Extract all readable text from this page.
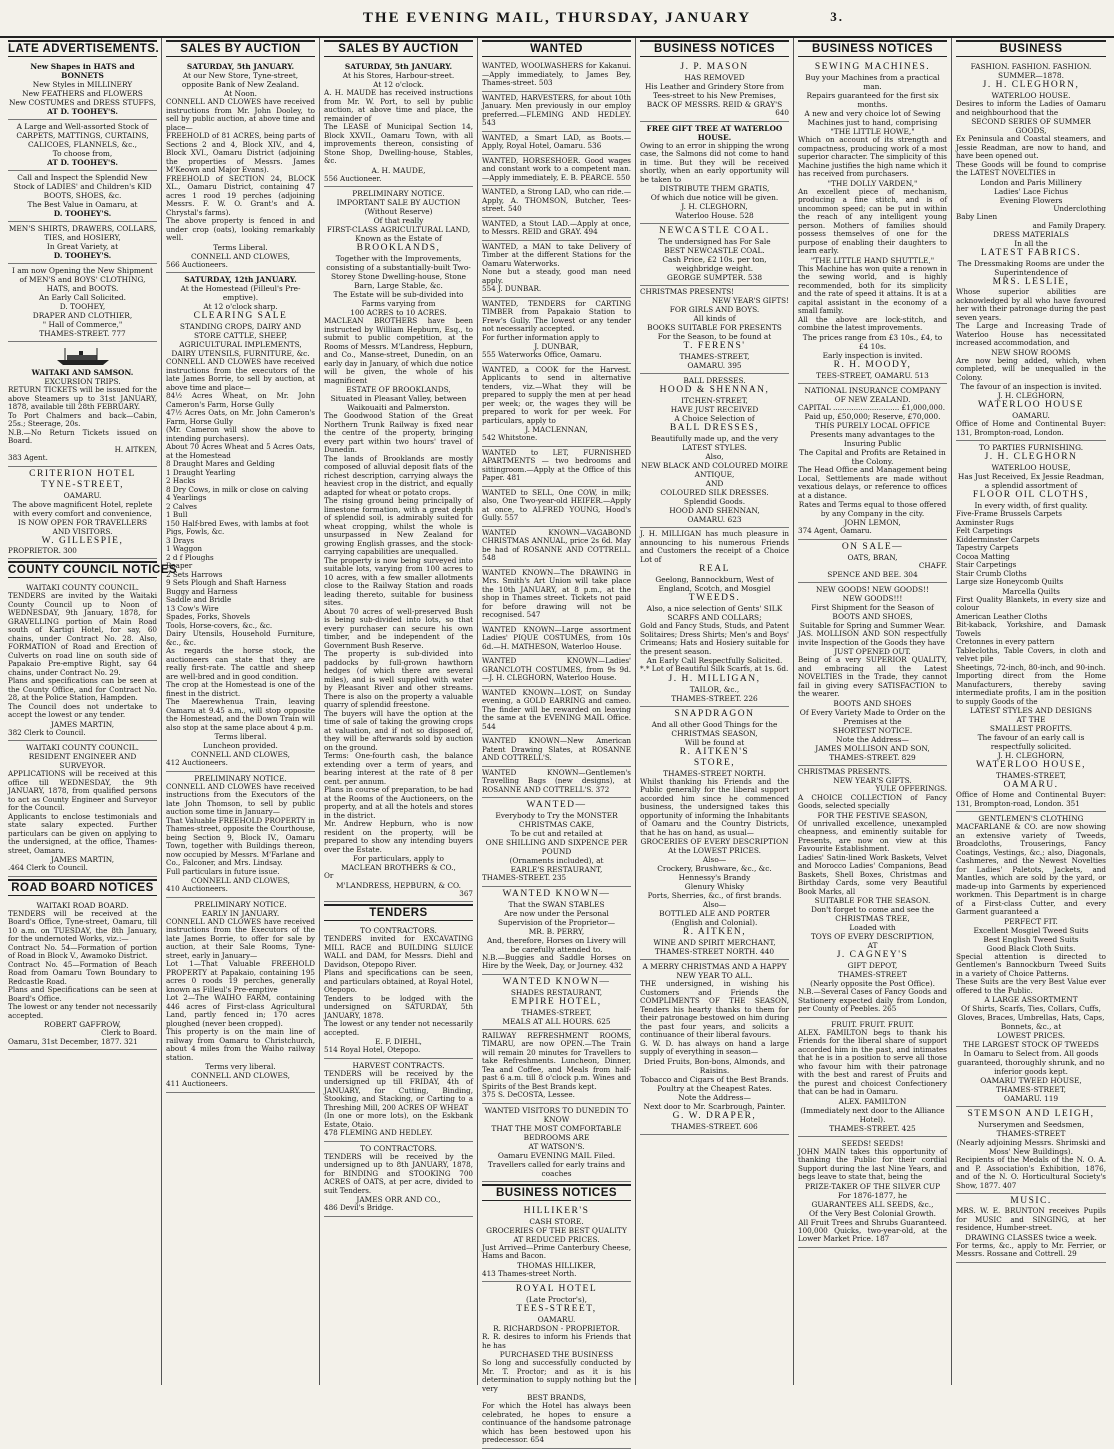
THE EVENING MAIL, THURSDAY, JANUARY	3.
LATE ADVERTISEMENTS.

New Shapes in HATS and BONNETS

New Styles in MILLINERY

New FEATHERS and FLOWERS

New COSTUMES and DRESS STUFFS,

AT D. TOOHEY'S.

A Large and Well-assorted Stock of CARPETS, MATTINGS, CURTAINS, CALICOES, FLANNELS, &c.,

To choose from,

AT D. TOOHEY'S.

Call and Inspect the Splendid New Stock of LADIES' and Children's KID BOOTS, SHOES, &c.

The Best Value in Oamaru, at

D. TOOHEY'S.

MEN'S SHIRTS, DRAWERS, COLLARS, TIES, and HOSIERY,

In Great Variety, at

D. TOOHEY'S.

I am now Opening the New Shipment of MEN'S and BOYS' CLOTHING, HATS, and BOOTS.

An Early Call Solicited.

D. TOOHEY,

DRAPER AND CLOTHIER,

" Hall of Commerce,"

THAMES-STREET. 777

WAITAKI AND SAMSON.

EXCURSION TRIPS.

RETURN TICKETS will be issued for the above Steamers up to 31st JANUARY, 1878, available till 28th FEBRUARY.

To Port Chalmers and back—Cabin, 25s.; Steerage, 20s.

N.B.—No Return Tickets issued on Board.

H. AITKEN,

383 Agent.

CRITERION HOTEL

TYNE-STREET,

OAMARU.

The above magnificent Hotel, replete with every comfort and convenience,

IS NOW OPEN FOR TRAVELLERS AND VISITORS.

W. GILLESPIE,

PROPRIETOR. 300

COUNTY COUNCIL NOTICES

WAITAKI COUNTY COUNCIL.

TENDERS are invited by the Waitaki County Council up to Noon of WEDNESDAY, 9th January, 1878, for GRAVELLING portion of Main Road south of Kartigi Hotel, for say, 60 chains, under Contract No. 28. Also, FORMATION of Road and Erection of Culverts on road line on south side of Papakaio Pre-emptive Right, say 64 chains, under Contract No. 29.

Plans and specifications can be seen at the County Office, and for Contract No. 28, at the Police Station, Hampden.

The Council does not undertake to accept the lowest or any tender.

JAMES MARTIN,

382 Clerk to Council.

WAITAKI COUNTY COUNCIL.

RESIDENT ENGINEER AND SURVEYOR.

APPLICATIONS will be received at this office till WEDNESDAY, the 9th JANUARY, 1878, from qualified persons to act as County Engineer and Surveyor for the Council.

Applicants to enclose testimonials and state salary expected. Further particulars can be given on applying to the undersigned, at the office, Thames-street, Oamaru.

JAMES MARTIN,

.464 Clerk to Council.

ROAD BOARD NOTICES

WAITAKI ROAD BOARD.

TENDERS will be received at the Board's Office, Tyne-street, Oamaru, till 10 a.m. on TUESDAY, the 8th January, for the undernoted Works, viz.:—

Contract No. 54—Formation of portion of Road in Block V., Awamoko District.

Contract No. 45—Formation of Beach Road from Oamaru Town Boundary to Redcastle Road.

Plans and Specifications can be seen at Board's Office.

The lowest or any tender not necessarily accepted.

ROBERT GAFFROW,

Clerk to Board.

Oamaru, 31st December, 1877. 321

SALES BY AUCTION

SATURDAY, 5th JANUARY.

At our New Store, Tyne-street, opposite Bank of New Zealand.

At Noon.

CONNELL AND CLOWES have received instructions from Mr. John Dooley, to sell by public auction, at above time and place—

FREEHOLD of 81 ACRES, being parts of Sections 2 and 4, Block XIV., and 4, Block XVI., Oamaru District (adjoining the properties of Messrs. James M'Keown and Major Evans).

FREEHOLD of SECTION 24, BLOCK XL., Oamaru District, containing 47 acres 1 rood 19 perches (adjoining Messrs. F. W. O. Grant's and A. Chrystal's farms).

The above property is fenced in and under crop (oats), looking remarkably well.

Terms Liberal.

CONNELL AND CLOWES,

566 Auctioneers.

SATURDAY, 12th JANUARY.

At the Homestead (Filleul's Pre-emptive).

At 12 o'clock sharp.

CLEARING SALE

STANDING CROPS, DAIRY AND STORE CATTLE, SHEEP, AGRICULTURAL IMPLEMENTS, DAIRY UTENSILS, FURNITURE, &c.

CONNELL AND CLOWES have received instructions from the executors of the late James Borrie, to sell by auction, at above time and place—

84½ Acres Wheat, on Mr. John Cameron's Farm, Horse Gully

47½ Acres Oats, on Mr. John Cameron's Farm, Horse Gully

(Mr. Cameron will show the above to intending purchasers).

About 70 Acres Wheat and 5 Acres Oats, at the Homestead

8 Draught Mares and Gelding

1 Draught Yearling

2 Hacks

8 Dry Cows, in milk or close on calving

4 Yearlings

2 Calves

1 Bull

150 Half-bred Ewes, with lambs at foot

Pigs, Fowls, &c.

3 Drays

1 Waggon

2 d f Ploughs

Reaper

2 Sets Harrows

9 Sets Plough and Shaft Harness

Buggy and Harness

Saddle and Bridle

13 Cow's Wire

Spades, Forks, Shovels

Tools, Horse-covers, &c., &c.

Dairy Utensils, Household Furniture, &c., &c.

As regards the horse stock, the auctioneers can state that they are really first-rate. The cattle and sheep are well-bred and in good condition.

The crop at the Homestead is one of the finest in the district.

The Maerewhenua Train, leaving Oamaru at 9.45 a.m., will stop opposite the Homestead, and the Down Train will also stop at the same place about 4 p.m.

Terms liberal.

Luncheon provided.

CONNELL AND CLOWES,

412 Auctioneers.

PRELIMINARY NOTICE.

CONNELL AND CLOWES have received instructions from the Executors of the late John Thomson, to sell by public auction some time in January—

That Valuable FREEHOLD PROPERTY in Thames-street, opposite the Courthouse, being Section 9, Block IV., Oamaru Town, together with Buildings thereon, now occupied by Messrs. M'Farlane and Co., Falconer, and Mrs. Lindsay.

Full particulars in future issue.

CONNELL AND CLOWES,

410 Auctioneers.

PRELIMINARY NOTICE.

EARLY IN JANUARY.

CONNELL AND CLOWES have received instructions from the Executors of the late James Borrie, to offer for sale by auction, at their Sale Rooms, Tyne-street, early in January—

Lot 1—That Valuable FREEHOLD PROPERTY at Papakaio, containing 195 acres 0 roods 19 perches, generally known as Filleul's Pre-emptive

Lot 2—The WAIHO FARM, containing 446 acres of First-class Agricultural Land, partly fenced in; 170 acres ploughed (never been cropped).

This property is on the main line of railway from Oamaru to Christchurch, about 4 miles from the Waiho railway station.

Terms very liberal.

CONNELL AND CLOWES,

411 Auctioneers.

SALES BY AUCTION

SATURDAY, 5th JANUARY.

At his Stores, Harbour-street.

At 12 o'clock.

A. H. MAUDE has received instructions from Mr. W. Port, to sell by public auction, at above time and place, the remainder of

The LEASE of Municipal Section 14, Block XXVII., Oamaru Town, with all improvements thereon, consisting of Stone Shop, Dwelling-house, Stables, &c.

A. H. MAUDE,

556 Auctioneer.

PRELIMINARY NOTICE.

IMPORTANT SALE BY AUCTION

(Without Reserve)

Of that really

FIRST-CLASS AGRICULTURAL LAND,

Known as the Estate of

BROOKLANDS,

Together with the Improvements, consisting of a substantially-built Two-Storey Stone Dwelling-house, Stone Barn, Large Stable, &c.

The Estate will be sub-divided into Farms varying from

100 ACRES to 10 ACRES.

MACLEAN BROTHERS have been instructed by William Hepburn, Esq., to submit to public competition, at the Rooms of Messrs. M'Landress, Hepburn, and Co., Manse-street, Dunedin, on an early day in January, of which due notice will be given, the whole of his magnificent

ESTATE OF BROOKLANDS,

Situated in Pleasant Valley, between Waikouaiti and Palmerston.

The Goodwood Station of the Great Northern Trunk Railway is fixed near the centre of the property, bringing every part within two hours' travel of Dunedin.

The lands of Brooklands are mostly composed of alluvial deposit flats of the richest description, carrying always the heaviest crop in the district, and equally adapted for wheat or potato crops.

The rising ground being principally of limestone formation, with a great depth of splendid soil, is admirably suited for wheat cropping, whilst the whole is unsurpassed in New Zealand for growing English grasses, and the stock-carrying capabilities are unequalled.

The property is now being surveyed into suitable lots, varying from 100 acres to 10 acres, with a few smaller allotments close to the Railway Station and roads leading thereto, suitable for business sites.

About 70 acres of well-preserved Bush is being sub-divided into lots, so that every purchaser can secure his own timber, and be independent of the Government Bush Reserve.

The property is sub-divided into paddocks by full-grown hawthorn hedges (of which there are several miles), and is well supplied with water by Pleasant River and other streams. There is also on the property a valuable quarry of splendid freestone.

The buyers will have the option at the time of sale of taking the growing crops at valuation, and if not so disposed of, they will be afterwards sold by auction on the ground.

Terms: One-fourth cash, the balance extending over a term of years, and bearing interest at the rate of 8 per cent. per annum.

Plans in course of preparation, to be had at the Rooms of the Auctioneers, on the property, and at all the hotels and stores in the district.

Mr. Andrew Hepburn, who is now resident on the property, will be prepared to show any intending buyers over the Estate.

For particulars, apply to

MACLEAN BROTHERS & CO.,

Or

M'LANDRESS, HEPBURN, & CO.

367

TENDERS

TO CONTRACTORS.

TENDERS invited for EXCAVATING MILL RACE and BUILDING SLUICE WALL and DAM, for Messrs. Diehl and Davidson, Otepopo River.

Plans and specifications can be seen, and particulars obtained, at Royal Hotel, Otepopo.

Tenders to be lodged with the undersigned on SATURDAY, 5th JANUARY, 1878.

The lowest or any tender not necessarily accepted.

E. F. DIEHL,

514 Royal Hotel, Otepopo.

HARVEST CONTRACTS.

TENDERS will be received by the undersigned up till FRIDAY, 4th of JANUARY, for Cutting, Binding, Stooking, and Stacking, or Carting to a Threshing Mill, 200 ACRES OF WHEAT

(In one or more lots), on the Eskbank Estate, Otaio.

478 FLEMING AND HEDLEY.

TO CONTRACTORS.

TENDERS will be received by the undersigned up to 8th JANUARY, 1878, for BINDING and STOOKING 700 ACRES of OATS, at per acre, divided to suit Tenders.

JAMES ORR AND CO.,

486 Devil's Bridge.

WANTED

WANTED, WOOLWASHERS for Kakanui.—Apply immediately, to James Bey, Thames-street. 503

WANTED, HARVESTERS, for about 10th January. Men previously in our employ preferred.—FLEMING AND HEDLEY. 543

WANTED, a Smart LAD, as Boots.—Apply, Royal Hotel, Oamaru. 536

WANTED, HORSESHOER. Good wages and constant work to a competent man.—Apply immediately, E. B. PEARCE. 550

WANTED, a Strong LAD, who can ride.—Apply, A. THOMSON, Butcher, Tees-street. 540

WANTED, a Stout LAD.—Apply at once, to Messrs. REID and GRAY. 494

WANTED, a MAN to take Delivery of Timber at the different Stations for the Oamaru Waterworks.

None but a steady, good man need apply.

554 J. DUNBAR.

WANTED, TENDERS for CARTING TIMBER from Papakaio Station to Frew's Gully. The lowest or any tender not necessarily accepted.

For further information apply to

J. DUNBAR,

555 Waterworks Office, Oamaru.

WANTED, a COOK for the Harvest. Applicants to send in alternative tenders, viz.—What they will be prepared to supply the men at per head per week; or, the wages they will be prepared to work for per week. For particulars, apply to

J. MACLENNAN,

542 Whitstone.

WANTED to LET, FURNISHED APARTMENTS — two bedrooms and sittingroom.—Apply at the Office of this Paper. 481

WANTED to SELL, One COW, in milk; also, One Two-year-old HEIFER.—Apply at once, to ALFRED YOUNG, Hood's Gully. 557

WANTED KNOWN—VAGABOND CHRISTMAS ANNUAL, price 2s 6d. May be had of ROSANNE AND COTTRELL. 548

WANTED KNOWN—The DRAWING in Mrs. Smith's Art Union will take place the 10th JANUARY, at 8 p.m., at the shop in Thames street. Tickets not paid for before drawing will not be recognised. 547

WANTED KNOWN—Large assortment Ladies' PIQUE COSTUMES, from 10s 6d.—H. MATHESON, Waterloo House.

WANTED KNOWN—Ladies' GRANCLOTH COSTUMES, from 9s 9d.—J. H. CLEGHORN, Waterloo House.

WANTED KNOWN—LOST, on Sunday evening, a GOLD EARRING and cameo. The finder will be rewarded on leaving the same at the EVENING MAIL Office. 544

WANTED KNOWN—New American Patent Drawing Slates, at ROSANNE AND COTTRELL'S.

WANTED KNOWN—Gentlemen's Travelling Bags (new designs), at ROSANNE AND COTTRELL'S. 372

WANTED—

Everybody to Try the MONSTER CHRISTMAS CAKE,

To be cut and retailed at

ONE SHILLING AND SIXPENCE PER POUND

(Ornaments included), at

EARLE'S RESTAURANT,

THAMES-STREET. 235

WANTED KNOWN—

That the SWAN STABLES

Are now under the Personal Supervision of the Proprietor—

MR. B. PERRY,

And, therefore, Horses on Livery will be carefully attended to.

N.B.—Buggies and Saddle Horses on Hire by the Week, Day, or Journey. 432

WANTED KNOWN—

SHADES RESTAURANT,

EMPIRE HOTEL,

THAMES-STREET,

MEALS AT ALL HOURS. 625

RAILWAY REFRESHMENT ROOMS, TIMARU, are now OPEN.—The Train will remain 20 minutes for Travellers to take Refreshments. Luncheon, Dinner, Tea and Coffee, and Meals from half-past 6 a.m. till 8 o'clock p.m. Wines and Spirits of the Best Brands kept.

375 S. DeCOSTA, Lessee.

WANTED VISITORS TO DUNEDIN TO KNOW

THAT THE MOST COMFORTABLE BEDROOMS ARE

AT WATSON'S.

Oamaru EVENING MAIL Filed.

Travellers called for early trains and coaches

BUSINESS NOTICES

HILLIKER'S

CASH STORE.

GROCERIES OF THE BEST QUALITY

AT REDUCED PRICES.

Just Arrived—Prime Canterbury Cheese, Hams and Bacon.

THOMAS HILLIKER,

413 Thames-street North.

ROYAL HOTEL

(Late Proctor's),

TEES-STREET,

OAMARU.

R. RICHARDSON - PROPRIETOR.

R. R. desires to inform his Friends that he has

PURCHASED THE BUSINESS

So long and successfully conducted by Mr. T. Proctor; and as it is his determination to supply nothing but the very

BEST BRANDS,

For which the Hotel has always been celebrated, he hopes to ensure a continuance of the handsome patronage which has been bestowed upon his predecessor. 654

BUSINESS NOTICES

J. P. MASON

HAS REMOVED

His Leather and Grindery Store from Tees-street to his New Premises,

BACK OF MESSRS. REID & GRAY'S

640

FREE GIFT TREE AT WATERLOO HOUSE.

Owing to an error in shipping the wrong case, the Salmons did not come to hand in time. But they will be received shortly, when an early opportunity will be taken to

DISTRIBUTE THEM GRATIS,

Of which due notice will be given.

J. H. CLEGHORN,

Waterloo House. 528

NEWCASTLE COAL.

The undersigned has For Sale

BEST NEWCASTLE COAL.

Cash Price, £2 10s. per ton, weighbridge weight.

GEORGE SUMPTER. 538

CHRISTMAS PRESENTS!

NEW YEAR'S GIFTS!

FOR GIRLS AND BOYS.

All kinds of

BOOKS SUITABLE FOR PRESENTS

For the Season, to be found at

T. FERENS'

THAMES-STREET,

OAMARU. 395

BALL DRESSES.

HOOD & SHENNAN,

ITCHEN-STREET,

HAVE JUST RECEIVED

A Choice Selection of

BALL DRESSES,

Beautifully made up, and the very

LATEST STYLES.

Also,

NEW BLACK AND COLOURED MOIRE ANTIQUE,

AND

COLOURED SILK DRESSES.

Splendid Goods.

HOOD AND SHENNAN,

OAMARU. 623

J. H. MILLIGAN has much pleasure in announcing to his numerous Friends and Customers the receipt of a Choice Lot of

REAL

Geelong, Bannockburn, West of England, Scotch, and Mosgiel

TWEEDS.

Also, a nice selection of Gents' SILK SCARFS AND COLLARS;

Gold and Fancy Studs, Studs, and Patent Solitaires; Dress Shirts; Men's and Boys' Crimeans; Hats and Hosiery suitable for the present season.

An Early Call Respectfully Solicited.

*.* Lot of Beautiful Silk Scarfs, at 1s. 6d.

J. H. MILLIGAN,

TAILOR, &c.,

THAMES-STREET. 226

SNAPDRAGON

And all other Good Things for the

CHRISTMAS SEASON,

Will be found at

R. AITKEN'S

STORE,

THAMES-STREET NORTH.

Whilst thanking his Friends and the Public generally for the liberal support accorded him since he commenced business, the undersigned takes this opportunity of informing the Inhabitants of Oamaru and the Country Districts, that he has on hand, as usual—

GROCERIES OF EVERY DESCRIPTION

At the LOWEST PRICES.

Also—

Crockery, Brushware, &c., &c.

Hennessy's Brandy

Glenury Whisky

Ports, Sherries, &c., of first brands.

Also—

BOTTLED ALE AND PORTER

(English and Colonial).

R. AITKEN,

WINE AND SPIRIT MERCHANT,

THAMES-STREET NORTH. 440

A MERRY CHRISTMAS AND A HAPPY NEW YEAR TO ALL.

THE undersigned, in wishing his Customers and Friends the COMPLIMENTS OF THE SEASON, Tenders his hearty thanks to them for their patronage bestowed on him during the past four years, and solicits a continuance of their liberal favours.

G. W. D. has always on hand a large supply of everything in season—

Dried Fruits, Bon-bons, Almonds, and Raisins.

Tobacco and Cigars of the Best Brands. Poultry at the Cheapest Rates.

Note the Address—

Next door to Mr. Scarbrough, Painter.

G. W. DRAPER,

THAMES-STREET. 606

BUSINESS NOTICES

SEWING MACHINES.

Buy your Machines from a practical man.

Repairs guaranteed for the first six months.

A new and very choice lot of Sewing Machines just to hand, comprising

"THE LITTLE HOWE,"

Which on account of its strength and compactness, producing work of a most superior character. The simplicity of this Machine justifies the high name which it has received from purchasers.

"THE DOLLY VARDEN,"

An excellent piece of mechanism, producing a fine stitch, and is of uncommon speed; can be put in within the reach of any intelligent young person. Mothers of families should possess themselves of one for the purpose of enabling their daughters to learn early.

"THE LITTLE HAND SHUTTLE,"

This Machine has won quite a renown in the sewing world, and is highly recommended, both for its simplicity and the rate of speed it attains. It is at a capital assistant in the economy of a small family.

All the above are lock-stitch, and combine the latest improvements.

The prices range from £3 10s., £4, to £4 10s.

Early inspection is invited.

R. H. MOODY,

TEES-STREET, OAMARU. 513

NATIONAL INSURANCE COMPANY OF NEW ZEALAND.

CAPITAL ............................. £1,000,000.

Paid up, £50,000; Reserve, £70,000.

THIS PURELY LOCAL OFFICE

Presents many advantages to the Insuring Public

The Capital and Profits are Retained in the Colony.

The Head Office and Management being Local, Settlements are made without vexatious delays, or reference to offices at a distance.

Rates and Terms equal to those offered by any Company in the city.

JOHN LEMON,

374 Agent, Oamaru.

ON SALE—

OATS, BRAN,

CHAFF.

SPENCE AND BEE. 304

NEW GOODS! NEW GOODS!!

NEW GOODS!!!

First Shipment for the Season of

BOOTS AND SHOES,

Suitable for Spring and Summer Wear.

JAS. MOLLISON AND SON respectfully invite Inspection of the Goods they have

JUST OPENED OUT.

Being of a very SUPERIOR QUALITY, and embracing all the Latest NOVELTIES in the Trade, they cannot fail in giving every SATISFACTION to the wearer.

BOOTS AND SHOES

Of Every Variety Made to Order on the Premises at the

SHORTEST NOTICE.

Note the Address—

JAMES MOLLISON AND SON,

THAMES-STREET. 829

CHRISTMAS PRESENTS.

NEW YEAR'S GIFTS.

YULE OFFERINGS.

A CHOICE COLLECTION of Fancy Goods, selected specially

FOR THE FESTIVE SEASON,

Of unrivalled excellence, unexampled cheapness, and eminently suitable for Presents, are now on view at this Favourite Establishment.

Ladies' Satin-lined Work Baskets, Velvet and Morocco Ladies' Companions, Bead Baskets, Shell Boxes, Christmas and Birthday Cards, some very Beautiful Book Marks, all

SUITABLE FOR THE SEASON.

Don't forget to come and see the

CHRISTMAS TREE,

Loaded with

TOYS OF EVERY DESCRIPTION,

AT

J. CAGNEY'S

GIFT DEPOT,

THAMES-STREET

(Nearly opposite the Post Office).

N.B.—Several Cases of Fancy Goods and Stationery expected daily from London, per County of Peebles. 265

FRUIT. FRUIT. FRUIT.

ALEX. FAMILTON begs to thank his Friends for the liberal share of support accorded him in the past, and intimates that he is in a position to serve all those who favour him with their patronage with the best and rarest of Fruits and the purest and choicest Confectionery that can be had in Oamaru.

ALEX. FAMILTON

(Immediately next door to the Alliance Hotel).

THAMES-STREET. 425

SEEDS! SEEDS!

JOHN MAIN takes this opportunity of thanking the Public for their cordial Support during the last Nine Years, and begs leave to state that, being the

PRIZE-TAKER OF THE SILVER CUP

For 1876-1877, he

GUARANTEES ALL SEEDS, &c.,

Of the Very Best Colonial Growth.

All Fruit Trees and Shrubs Guaranteed.

100,000 Quicks, two-year-old, at the Lower Market Price. 187

BUSINESS

FASHION. FASHION. FASHION.

SUMMER—1878.

J. H. CLEGHORN,

WATERLOO HOUSE.

Desires to inform the Ladies of Oamaru and neighbourhood that the

SECOND SERIES OF SUMMER GOODS,

Ex Peninsula and Coastal steamers, and Jessie Readman, are now to hand, and have been opened out.

These Goods will be found to comprise the LATEST NOVELTIES in

London and Paris Millinery

Ladies' Lace Fichus

Evening Flowers

Underclothing

Baby Linen

and Family Drapery.

DRESS MATERIALS

In all the

LATEST FABRICS.

The Dressmaking Rooms are under the Superintendence of

MRS. LESLIE,

Whose superior abilities are acknowledged by all who have favoured her with their patronage during the past seven years.

The Large and Increasing Trade of Waterloo House has necessitated increased accommodation, and

NEW SHOW ROOMS

Are now being added, which, when completed, will be unequalled in the Colony.

The favour of an inspection is invited.

J. H. CLEGHORN,

WATERLOO HOUSE

OAMARU.

Office of Home and Continental Buyer: 131, Brompton-road, London.

TO PARTIES FURNISHING.

J. H. CLEGHORN

WATERLOO HOUSE,

Has Just Received, Ex Jessie Readman, a splendid assortment of

FLOOR OIL CLOTHS,

In every width, of first quality.

Five-Frame Brussels Carpets

Axminster Rugs

Felt Carpetings

Kidderminster Carpets

Tapestry Carpets

Cocoa Matting

Stair Carpetings

Stair Crumb Cloths

Large size Honeycomb Quilts

Marcella Quilts

First Quality Blankets, in every size and colour

American Leather Cloths

Bit-kaback, Yorkshire, and Damask Towels

Cretonnes in every pattern

Tablecloths, Table Covers, in cloth and velvet pile

Sheetings, 72-inch, 80-inch, and 90-inch.

Importing direct from the Home Manufacturers, thereby saving intermediate profits, I am in the position to supply Goods of the

LATEST STYLES AND DESIGNS

AT THE

SMALLEST PROFITS.

The favour of an early call is respectfully solicited.

J. H. CLEGHORN,

WATERLOO HOUSE,

THAMES-STREET,

OAMARU.

Office of Home and Continental Buyer: 131, Brompton-road, London. 351

GENTLEMEN'S CLOTHING

MACFARLANE & CO. are now showing an extensive variety of Tweeds, Broadcloths, Trouserings, Fancy Coatings, Vestings, &c.; also, Diagonals, Cashmeres, and the Newest Novelties for Ladies' Paletots, Jackets, and Mantles, which are sold by the yard, or made-up into Garments by experienced workmen. This Department is in charge of a First-class Cutter, and every Garment guaranteed a

PERFECT FIT.

Excellent Mosgiel Tweed Suits

Best English Tweed Suits

Good Black Cloth Suits.

Special attention is directed to Gentlemen's Bannockburn Tweed Suits in a variety of Choice Patterns.

These Suits are the very Best Value ever offered to the Public.

A LARGE ASSORTMENT

Of Shirts, Scarfs, Ties, Collars, Cuffs, Gloves, Braces, Umbrellas, Hats, Caps, Bonnets, &c., at

LOWEST PRICES.

THE LARGEST STOCK OF TWEEDS

In Oamaru to Select from. All goods guaranteed, thoroughly shrunk, and no inferior goods kept.

OAMARU TWEED HOUSE,

THAMES-STREET,

OAMARU. 119

STEMSON AND LEIGH,

Nurserymen and Seedsmen,

THAMES-STREET

(Nearly adjoining Messrs. Shrimski and Moss' New Buildings).

Recipients of the Medals of the N. O. A. and P. Association's Exhibition, 1876, and of the N. O. Horticultural Society's Show, 1877. 407

MUSIC.

MRS. W. E. BRUNTON receives Pupils for MUSIC and SINGING, at her residence, Humber-street.

DRAWING CLASSES twice a week.

For terms, &c., apply to Mr. Ferrier, or Messrs. Rossane and Cottrell. 29
